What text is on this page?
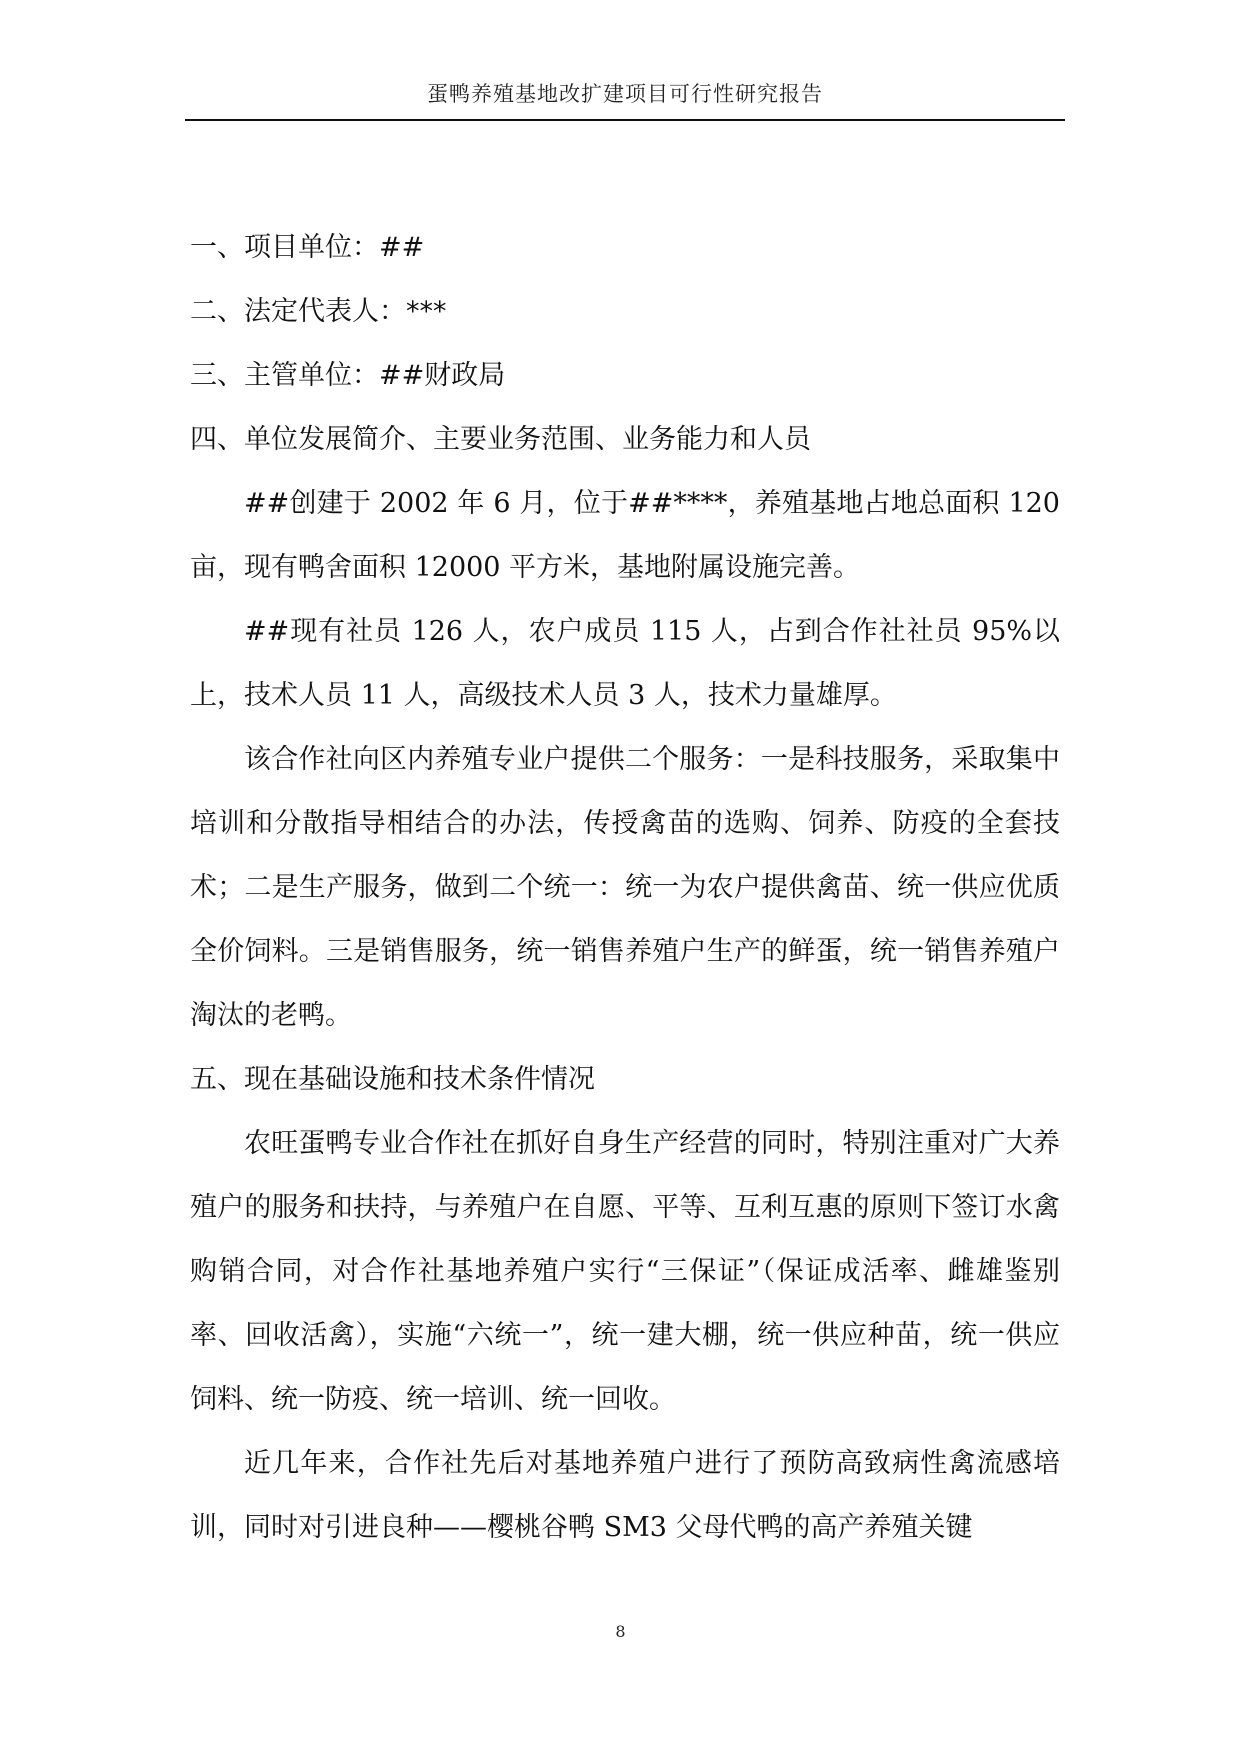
蛋鸭养殖基地改扩建项目可行性研究报告
一、项目单位：##
二、法定代表人：***
三、主管单位：##财政局
四、单位发展简介、主要业务范围、业务能力和人员

##创建于 2002 年 6 月，位于##****，养殖基地占地总面积 120 亩，现有鸭舍面积 12000 平方米，基地附属设施完善。

##现有社员 126 人，农户成员 115 人，占到合作社社员 95%以上，技术人员 11 人，高级技术人员 3 人，技术力量雄厚。

该合作社向区内养殖专业户提供二个服务：一是科技服务，采取集中培训和分散指导相结合的办法，传授禽苗的选购、饲养、防疫的全套技术；二是生产服务，做到二个统一：统一为农户提供禽苗、统一供应优质全价饲料。三是销售服务，统一销售养殖户生产的鲜蛋，统一销售养殖户淘汰的老鸭。

五、现在基础设施和技术条件情况

农旺蛋鸭专业合作社在抓好自身生产经营的同时，特别注重对广大养殖户的服务和扶持，与养殖户在自愿、平等、互利互惠的原则下签订水禽购销合同，对合作社基地养殖户实行“三保证”（保证成活率、雌雄鉴别率、回收活禽），实施“六统一”，统一建大棚，统一供应种苗，统一供应饲料、统一防疫、统一培训、统一回收。

近几年来，合作社先后对基地养殖户进行了预防高致病性禽流感培训，同时对引进良种——樱桃谷鸭 SM3 父母代鸭的高产养殖关键

8
